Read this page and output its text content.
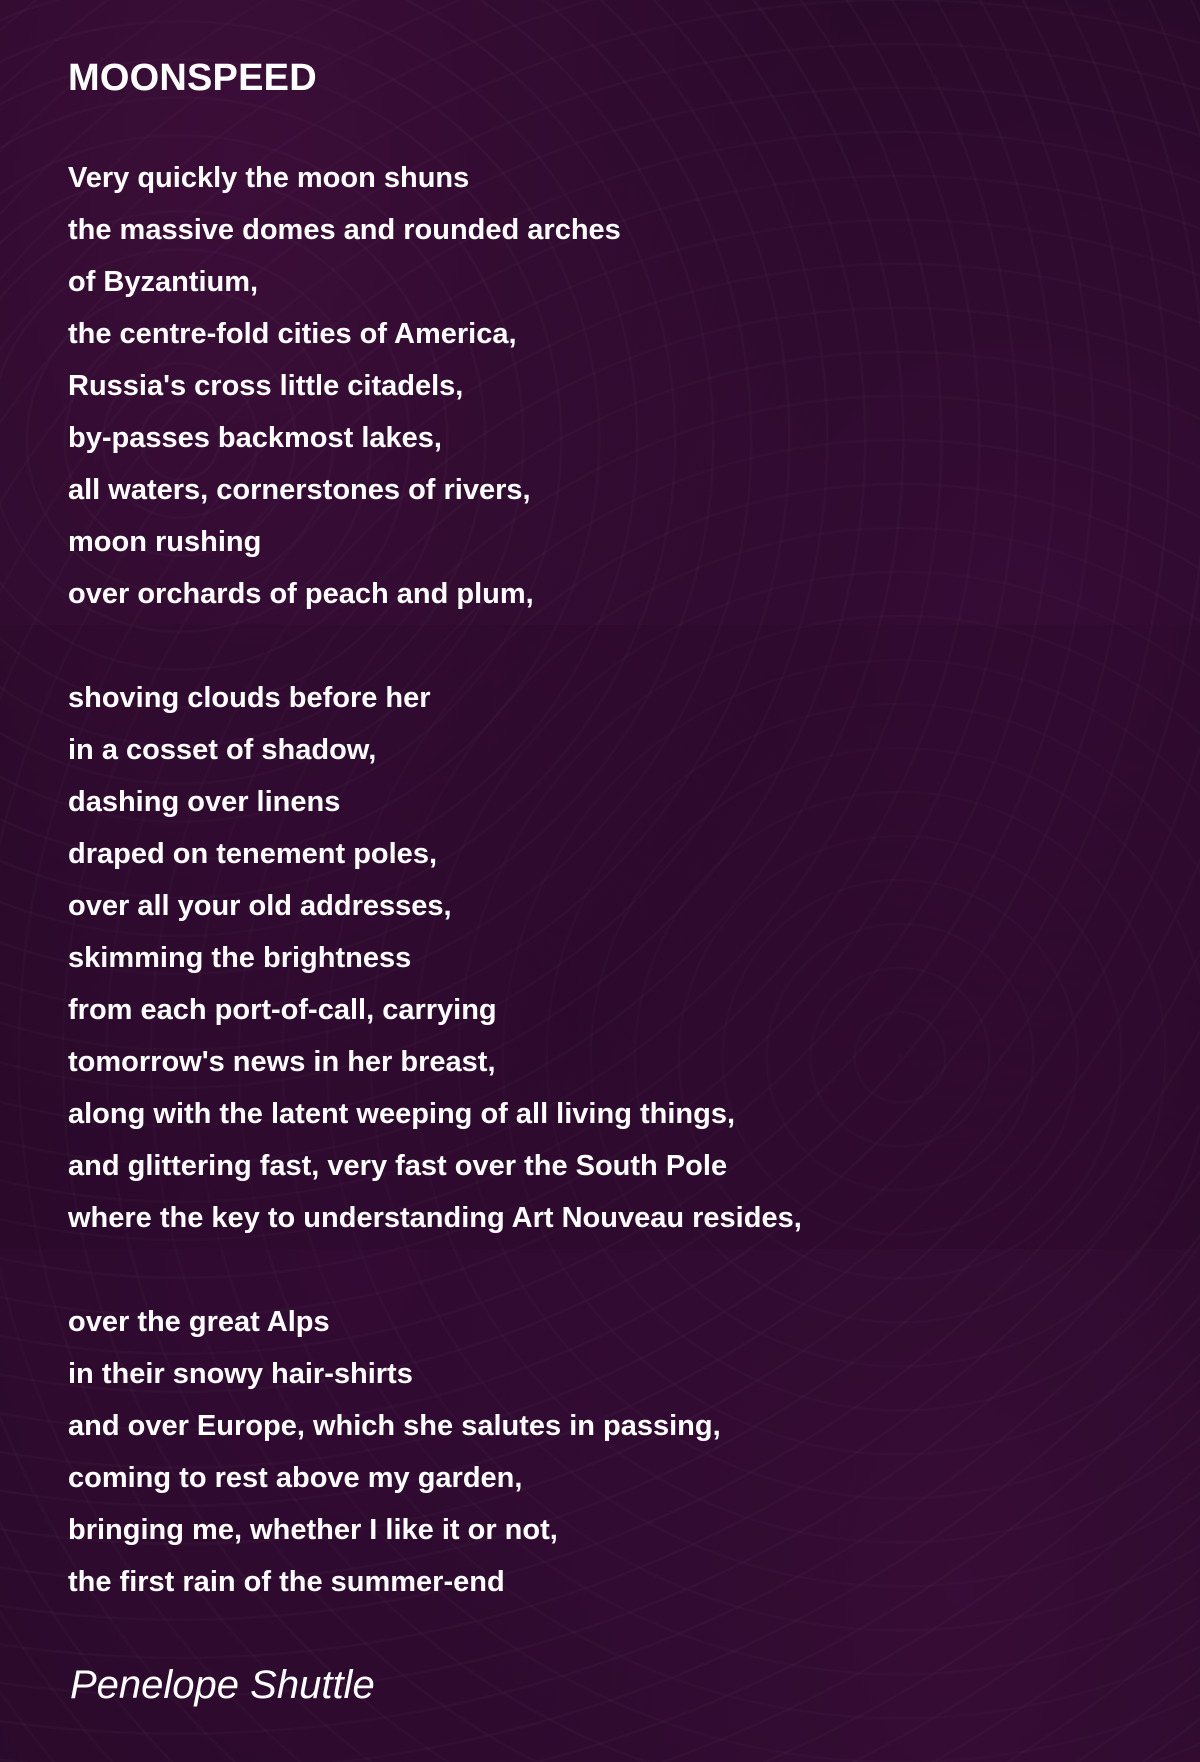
MOONSPEED
Very quickly the moon shuns
the massive domes and rounded arches
of Byzantium,
the centre-fold cities of America,
Russia's cross little citadels,
by-passes backmost lakes,
all waters, cornerstones of rivers,
moon rushing
over orchards of peach and plum,
shoving clouds before her
in a cosset of shadow,
dashing over linens
draped on tenement poles,
over all your old addresses,
skimming the brightness
from each port-of-call, carrying
tomorrow's news in her breast,
along with the latent weeping of all living things,
and glittering fast, very fast over the South Pole
where the key to understanding Art Nouveau resides,
over the great Alps
in their snowy hair-shirts
and over Europe, which she salutes in passing,
coming to rest above my garden,
bringing me, whether I like it or not,
the first rain of the summer-end
Penelope Shuttle
